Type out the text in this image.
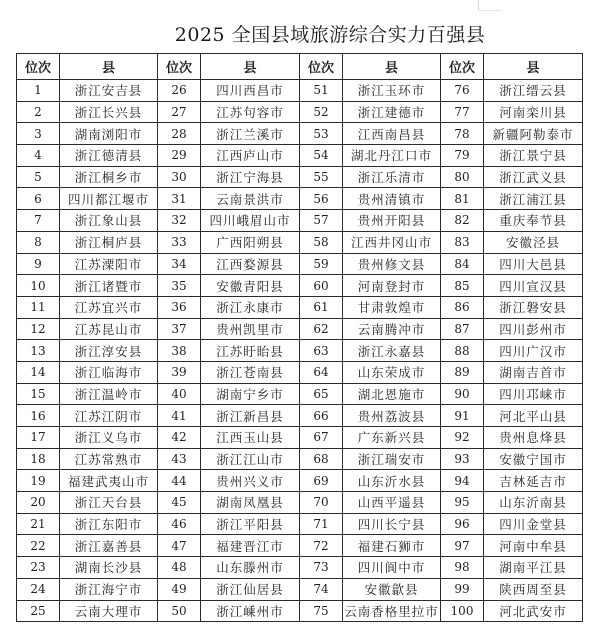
2025 全国县域旅游综合实力百强县
位次	县	位次	县	位次	县	位次	县
1	浙江安吉县	26	四川西昌市	51	浙江玉环市	76	浙江缙云县
2	浙江长兴县	27	江苏句容市	52	浙江建德市	77	河南栾川县
3	湖南浏阳市	28	浙江兰溪市	53	江西南昌县	78	新疆阿勒泰市
4	浙江德清县	29	江西庐山市	54	湖北丹江口市	79	浙江景宁县
5	浙江桐乡市	30	浙江宁海县	55	浙江乐清市	80	浙江武义县
6	四川都江堰市	31	云南景洪市	56	贵州清镇市	81	浙江浦江县
7	浙江象山县	32	四川峨眉山市	57	贵州开阳县	82	重庆奉节县
8	浙江桐庐县	33	广西阳朔县	58	江西井冈山市	83	安徽泾县
9	江苏溧阳市	34	江西婺源县	59	贵州修文县	84	四川大邑县
10	浙江诸暨市	35	安徽青阳县	60	河南登封市	85	四川宣汉县
11	江苏宜兴市	36	浙江永康市	61	甘肃敦煌市	86	浙江磐安县
12	江苏昆山市	37	贵州凯里市	62	云南腾冲市	87	四川彭州市
13	浙江淳安县	38	江苏盱眙县	63	浙江永嘉县	88	四川广汉市
14	浙江临海市	39	浙江苍南县	64	山东荣成市	89	湖南吉首市
15	浙江温岭市	40	湖南宁乡市	65	湖北恩施市	90	四川邛崃市
16	江苏江阴市	41	浙江新昌县	66	贵州荔波县	91	河北平山县
17	浙江义乌市	42	江西玉山县	67	广东新兴县	92	贵州息烽县
18	江苏常熟市	43	浙江江山市	68	浙江瑞安市	93	安徽宁国市
19	福建武夷山市	44	贵州兴义市	69	山东沂水县	94	吉林延吉市
20	浙江天台县	45	湖南凤凰县	70	山西平遥县	95	山东沂南县
21	浙江东阳市	46	浙江平阳县	71	四川长宁县	96	四川金堂县
22	浙江嘉善县	47	福建晋江市	72	福建石狮市	97	河南中牟县
23	湖南长沙县	48	山东滕州市	73	四川阆中市	98	湖南平江县
24	浙江海宁市	49	浙江仙居县	74	安徽歙县	99	陕西周至县
25	云南大理市	50	浙江嵊州市	75	云南香格里拉市	100	河北武安市
